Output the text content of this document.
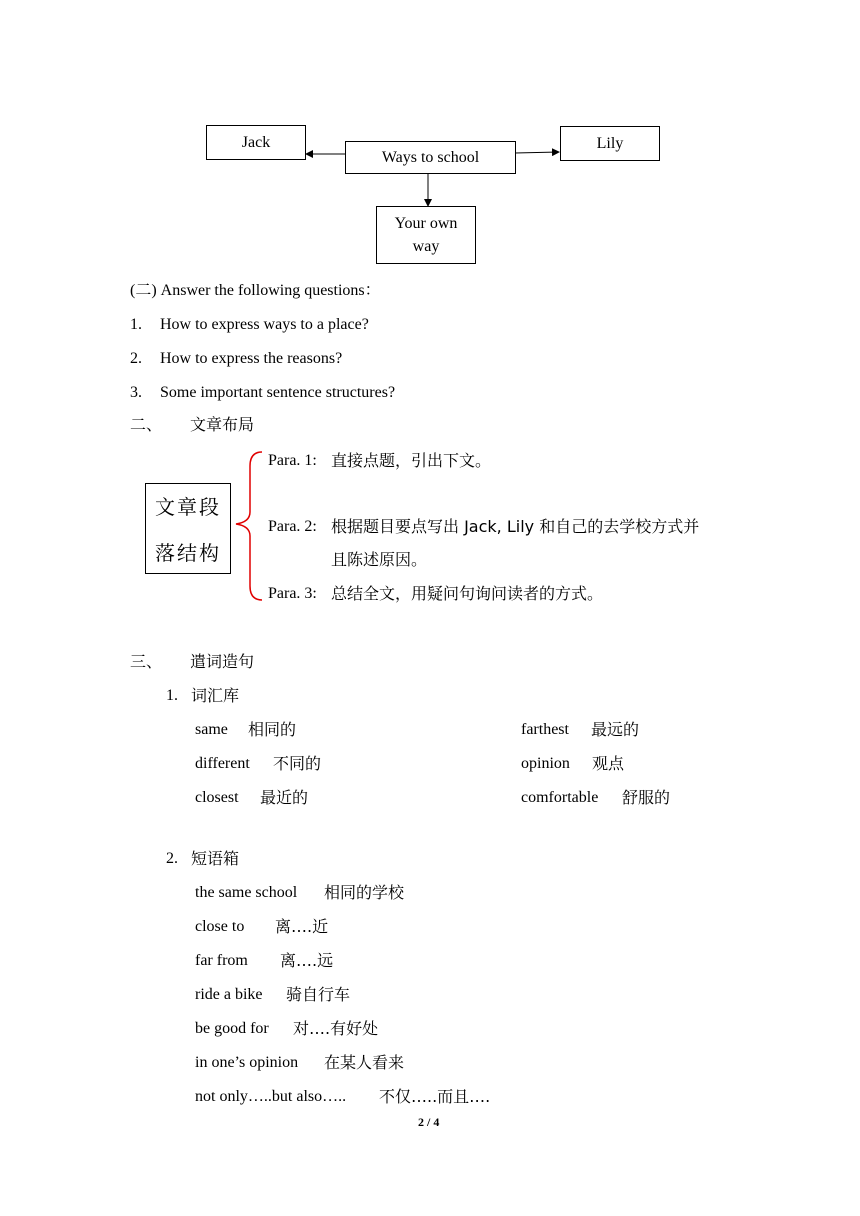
Jack
Ways to school
Lily
Your own
way
(二) Answer the following questions：
1. How to express ways to a place?
2. How to express the reasons?
3. Some important sentence structures?
二、 文章布局
文章段
落结构
Para. 1: 直接点题，引出下文。
Para. 2: 根据题目要点写出 Jack, Lily 和自己的去学校方式并
且陈述原因。
Para. 3: 总结全文，用疑问句询问读者的方式。
三、 遣词造句
1. 词汇库
same 相同的
different 不同的
closest 最近的
farthest 最远的
opinion 观点
comfortable 舒服的
2. 短语箱
the same school 相同的学校
close to 离….近
far from 离….远
ride a bike 骑自行车
be good for 对….有好处
in one’s opinion 在某人看来
not only…..but also….. 不仅…..而且….
2 / 4
